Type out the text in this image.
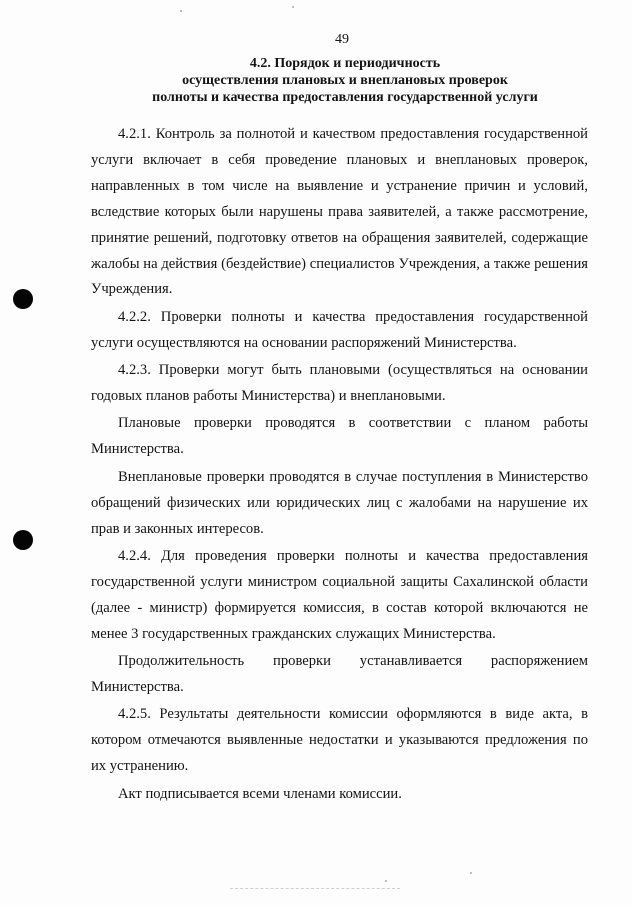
49
4.2. Порядок и периодичность
осуществления плановых и внеплановых проверок
полноты и качества предоставления государственной услуги

4.2.1. Контроль за полнотой и качеством предоставления государственной услуги включает в себя проведение плановых и внеплановых проверок, направленных в том числе на выявление и устранение причин и условий, вследствие которых были нарушены права заявителей, а также рассмотрение, принятие решений, подготовку ответов на обращения заявителей, содержащие жалобы на действия (бездействие) специалистов Учреждения, а также решения Учреждения.

4.2.2. Проверки полноты и качества предоставления государственной услуги осуществляются на основании распоряжений Министерства.

4.2.3. Проверки могут быть плановыми (осуществляться на основании годовых планов работы Министерства) и внеплановыми.

Плановые проверки проводятся в соответствии с планом работы Министерства.

Внеплановые проверки проводятся в случае поступления в Министерство обращений физических или юридических лиц с жалобами на нарушение их прав и законных интересов.

4.2.4. Для проведения проверки полноты и качества предоставления государственной услуги министром социальной защиты Сахалинской области (далее - министр) формируется комиссия, в состав которой включаются не менее 3 государственных гражданских служащих Министерства.

Продолжительность проверки устанавливается распоряжением Министерства.

4.2.5. Результаты деятельности комиссии оформляются в виде акта, в котором отмечаются выявленные недостатки и указываются предложения по их устранению.

Акт подписывается всеми членами комиссии.
